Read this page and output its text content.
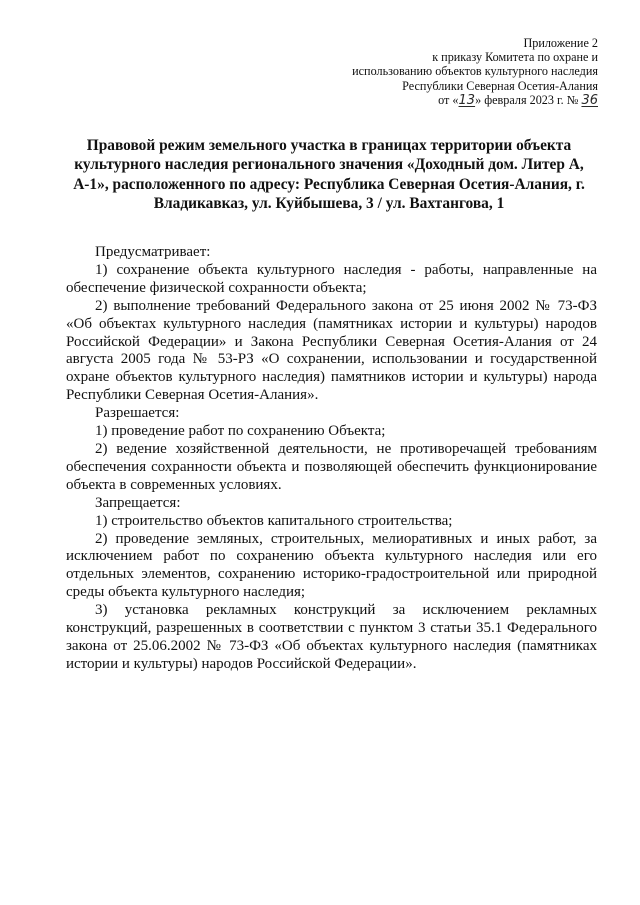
Приложение 2
к приказу Комитета по охране и
использованию объектов культурного наследия
Республики Северная Осетия-Алания
от «13» февраля 2023 г. № 36
Правовой режим земельного участка в границах территории объекта культурного наследия регионального значения «Доходный дом. Литер А, А-1», расположенного по адресу: Республика Северная Осетия-Алания, г. Владикавказ, ул. Куйбышева, 3 / ул. Вахтангова, 1

Предусматривает:

1) сохранение объекта культурного наследия - работы, направленные на обеспечение физической сохранности объекта;

2) выполнение требований Федерального закона от 25 июня 2002 № 73-ФЗ «Об объектах культурного наследия (памятниках истории и культуры) народов Российской Федерации» и Закона Республики Северная Осетия-Алания от 24 августа 2005 года № 53-РЗ «О сохранении, использовании и государственной охране объектов культурного наследия) памятников истории и культуры) народа Республики Северная Осетия-Алания».

Разрешается:

1) проведение работ по сохранению Объекта;

2) ведение хозяйственной деятельности, не противоречащей требованиям обеспечения сохранности объекта и позволяющей обеспечить функционирование объекта в современных условиях.

Запрещается:

1) строительство объектов капитального строительства;

2) проведение земляных, строительных, мелиоративных и иных работ, за исключением работ по сохранению объекта культурного наследия или его отдельных элементов, сохранению историко-градостроительной или природной среды объекта культурного наследия;

3) установка рекламных конструкций за исключением рекламных конструкций, разрешенных в соответствии с пунктом 3 статьи 35.1 Федерального закона от 25.06.2002 № 73-ФЗ «Об объектах культурного наследия (памятниках истории и культуры) народов Российской Федерации».
